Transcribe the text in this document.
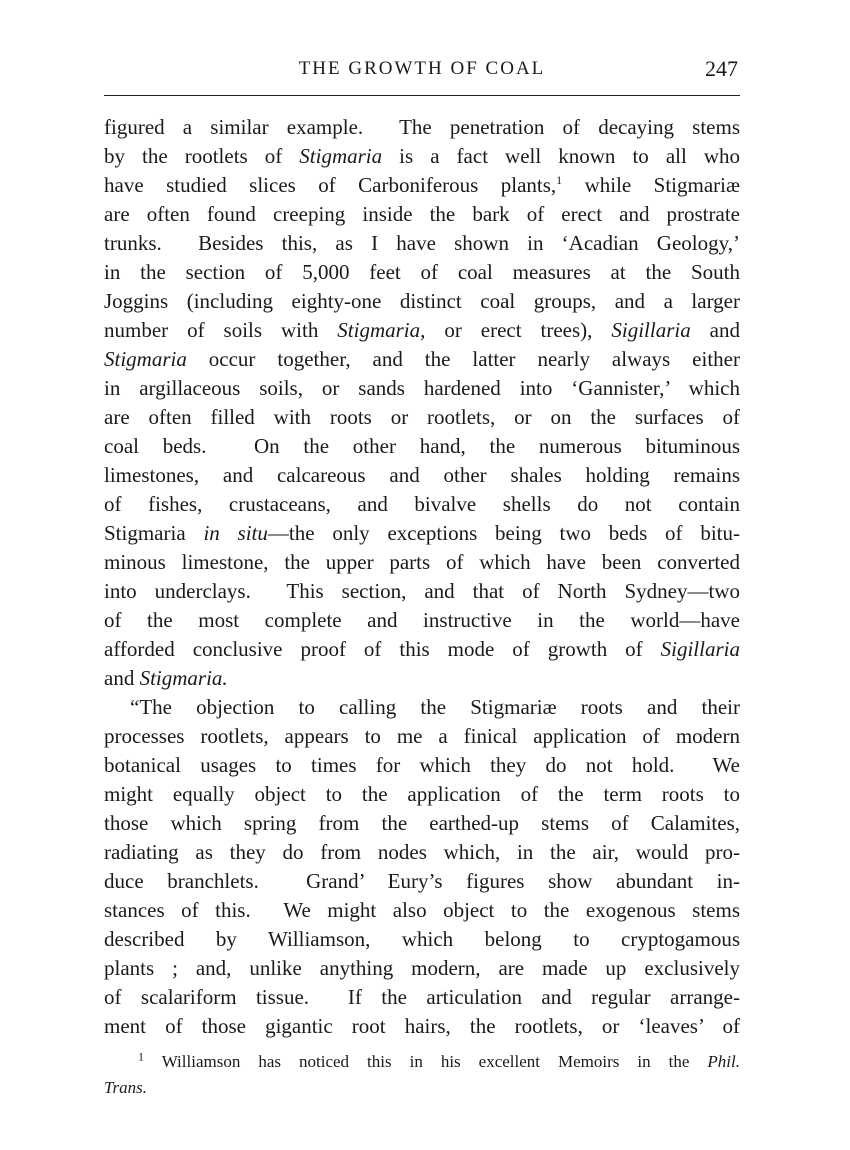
THE GROWTH OF COAL	247
figured a similar example.  The penetration of decaying stems
by the rootlets of Stigmaria is a fact well known to all who
have studied slices of Carboniferous plants,$^1$ while Stigmariæ
are often found creeping inside the bark of erect and prostrate
trunks.  Besides this, as I have shown in ‘Acadian Geology,’
in the section of 5,000 feet of coal measures at the South
Joggins (including eighty-one distinct coal groups, and a larger
number of soils with Stigmaria, or erect trees), Sigillaria and
Stigmaria occur together, and the latter nearly always either
in argillaceous soils, or sands hardened into ‘Gannister,’ which
are often filled with roots or rootlets, or on the surfaces of
coal beds.  On the other hand, the numerous bituminous
limestones, and calcareous and other shales holding remains
of fishes, crustaceans, and bivalve shells do not contain
Stigmaria in situ—the only exceptions being two beds of bitu-
minous limestone, the upper parts of which have been converted
into underclays.  This section, and that of North Sydney—two
of the most complete and instructive in the world—have
afforded conclusive proof of this mode of growth of Sigillaria
and Stigmaria.
“The objection to calling the Stigmariæ roots and their
processes rootlets, appears to me a finical application of modern
botanical usages to times for which they do not hold.  We
might equally object to the application of the term roots to
those which spring from the earthed-up stems of Calamites,
radiating as they do from nodes which, in the air, would pro-
duce branchlets.  Grand’ Eury’s figures show abundant in-
stances of this.  We might also object to the exogenous stems
described by Williamson, which belong to cryptogamous
plants ; and, unlike anything modern, are made up exclusively
of scalariform tissue.  If the articulation and regular arrange-
ment of those gigantic root hairs, the rootlets, or ‘leaves’ of
$^1$ Williamson has noticed this in his excellent Memoirs in the Phil.
Trans.
